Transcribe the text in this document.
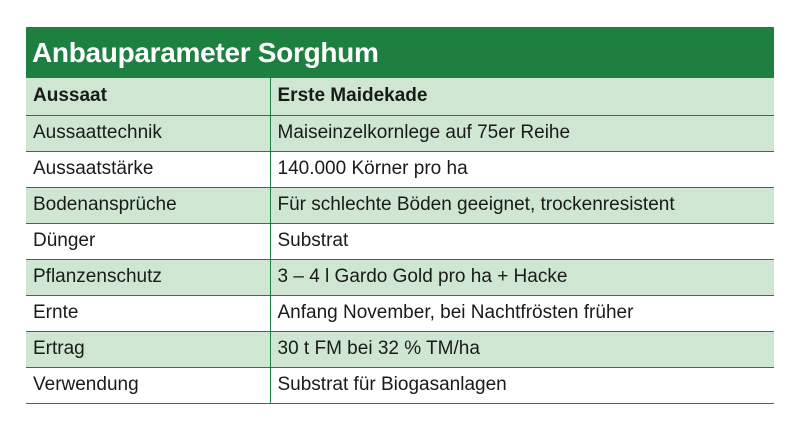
Anbauparameter Sorghum
Aussaat	Erste Maidekade
Aussaattechnik	Maiseinzelkornlege auf 75er Reihe
Aussaatstärke	140.000 Körner pro ha
Bodenansprüche	Für schlechte Böden geeignet, trockenresistent
Dünger	Substrat
Pflanzenschutz	3 – 4 l Gardo Gold pro ha + Hacke
Ernte	Anfang November, bei Nachtfrösten früher
Ertrag	30 t FM bei 32 % TM/ha
Verwendung	Substrat für Biogasanlagen
